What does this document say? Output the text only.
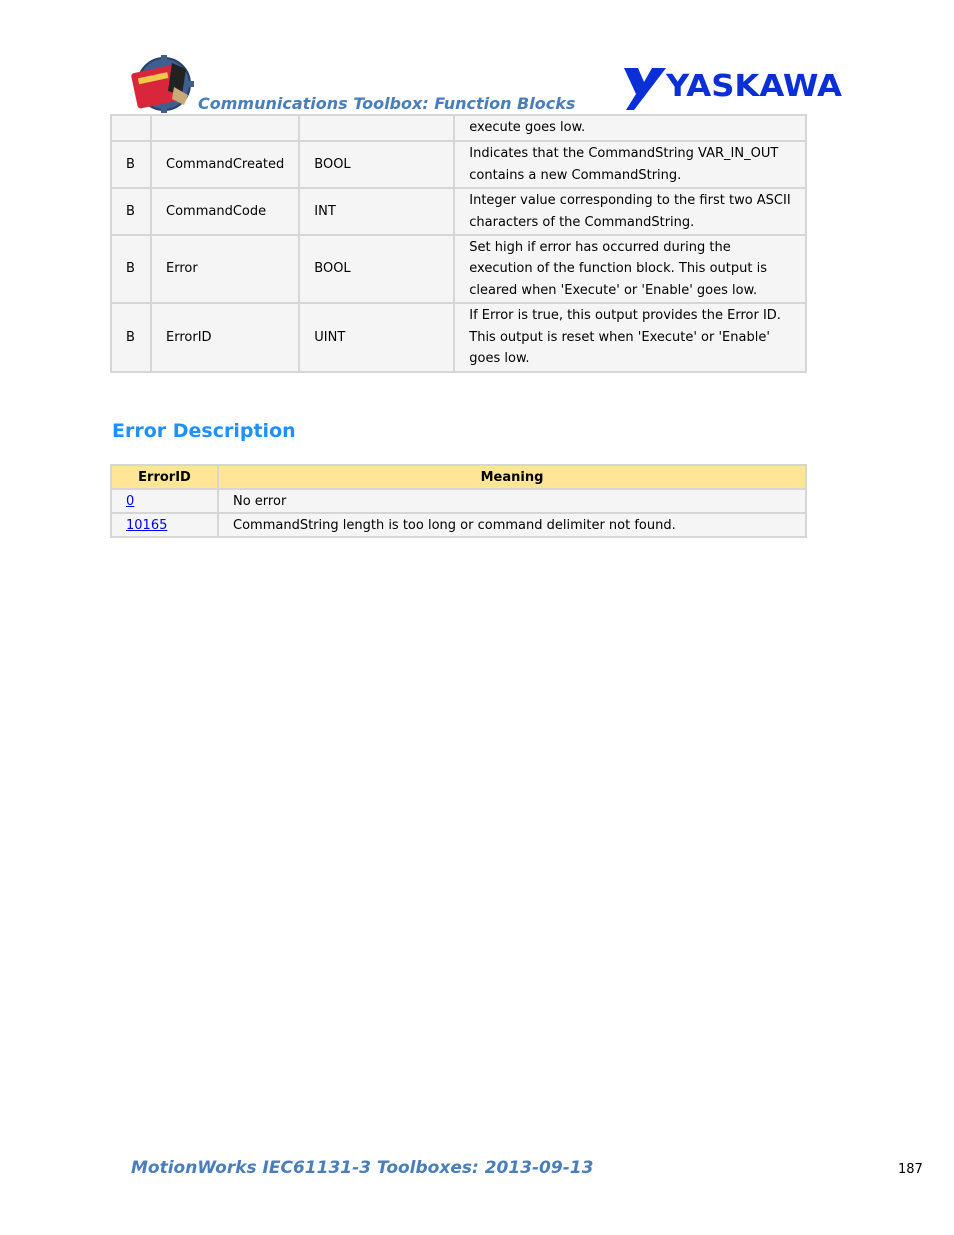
Communications Toolbox: Function Blocks	YASKAWA
			execute goes low.
B	CommandCreated	BOOL	Indicates that the CommandString VAR_IN_OUT contains a new CommandString.
B	CommandCode	INT	Integer value corresponding to the first two ASCII characters of the CommandString.
B	Error	BOOL	Set high if error has occurred during the execution of the function block. This output is cleared when 'Execute' or 'Enable' goes low.
B	ErrorID	UINT	If Error is true, this output provides the Error ID. This output is reset when 'Execute' or 'Enable' goes low.
Error Description
ErrorID	Meaning
0	No error
10165	CommandString length is too long or command delimiter not found.
MotionWorks IEC61131-3 Toolboxes: 2013-09-13	187
